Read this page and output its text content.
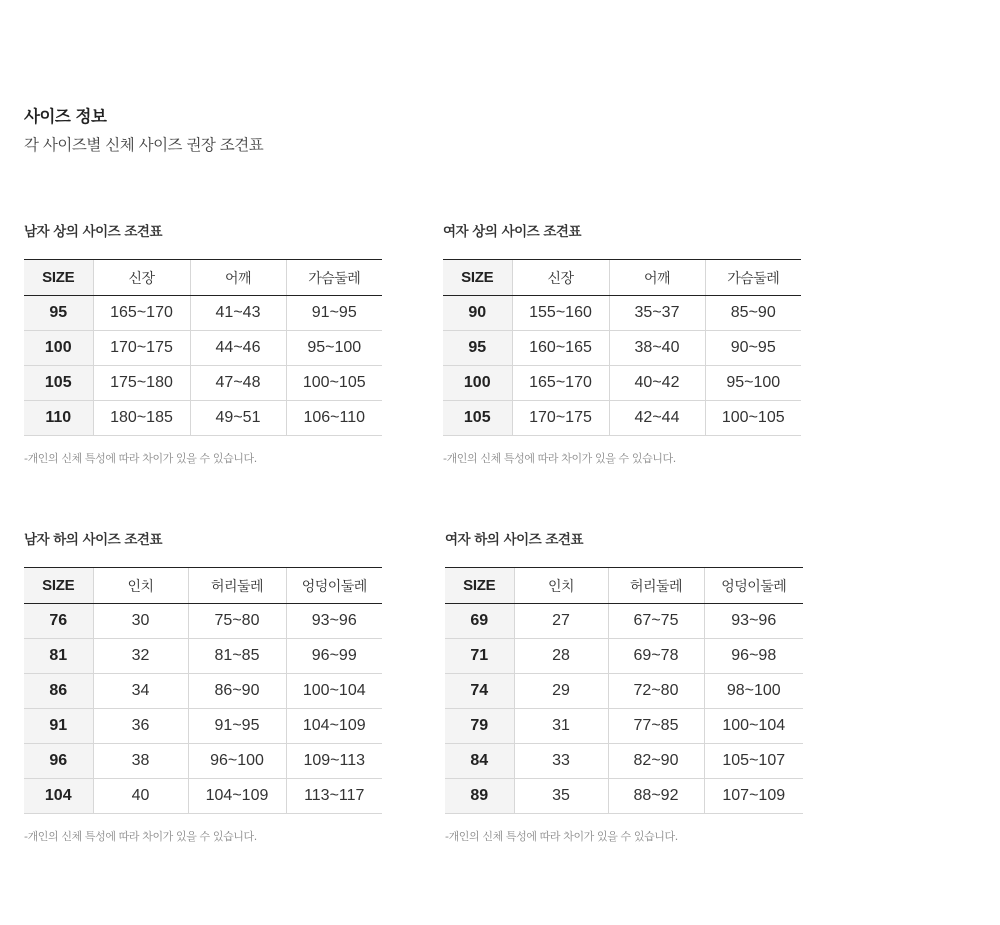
사이즈 정보
각 사이즈별 신체 사이즈 권장 조견표
남자 상의 사이즈 조견표
SIZE	신장	어깨	가슴둘레
95	165~170	41~43	91~95
100	170~175	44~46	95~100
105	175~180	47~48	100~105
110	180~185	49~51	106~110
-개인의 신체 특성에 따라 차이가 있을 수 있습니다.
여자 상의 사이즈 조견표
SIZE	신장	어깨	가슴둘레
90	155~160	35~37	85~90
95	160~165	38~40	90~95
100	165~170	40~42	95~100
105	170~175	42~44	100~105
-개인의 신체 특성에 따라 차이가 있을 수 있습니다.
남자 하의 사이즈 조견표
SIZE	인치	허리둘레	엉덩이둘레
76	30	75~80	93~96
81	32	81~85	96~99
86	34	86~90	100~104
91	36	91~95	104~109
96	38	96~100	109~113
104	40	104~109	113~117
-개인의 신체 특성에 따라 차이가 있을 수 있습니다.
여자 하의 사이즈 조견표
SIZE	인치	허리둘레	엉덩이둘레
69	27	67~75	93~96
71	28	69~78	96~98
74	29	72~80	98~100
79	31	77~85	100~104
84	33	82~90	105~107
89	35	88~92	107~109
-개인의 신체 특성에 따라 차이가 있을 수 있습니다.
